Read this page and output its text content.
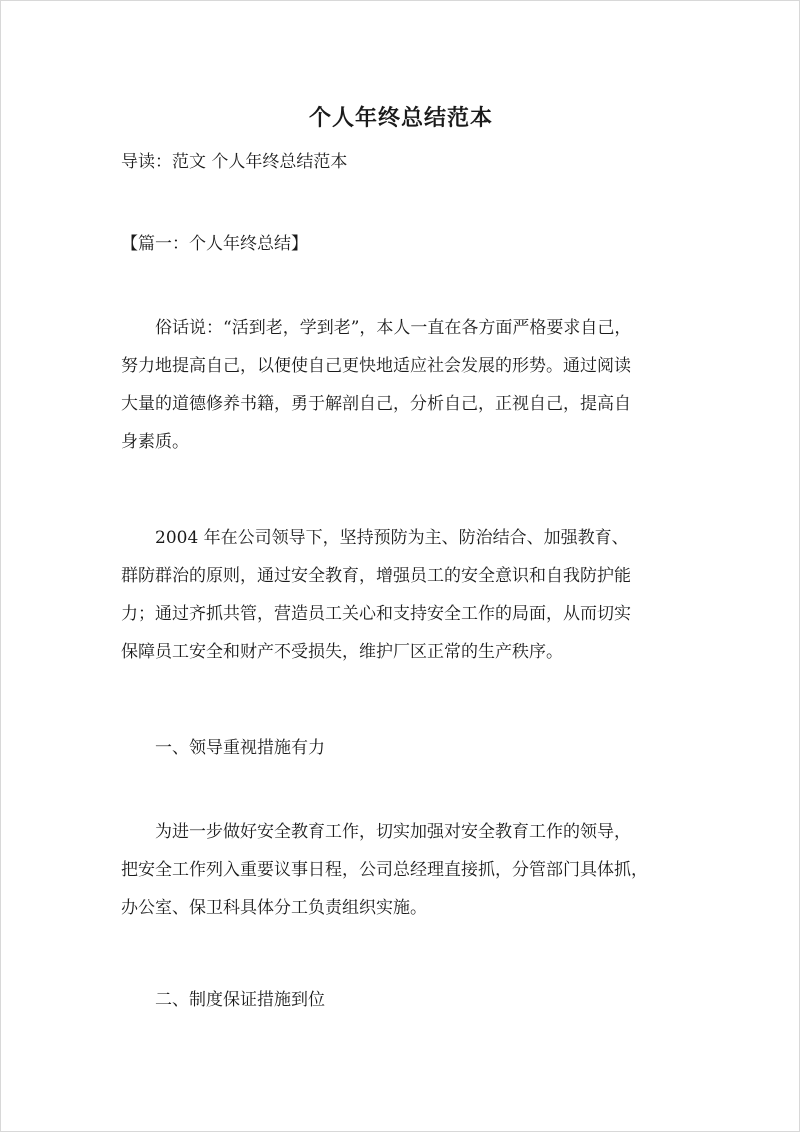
个人年终总结范本

导读：范文 个人年终总结范本

【篇一：个人年终总结】

　　俗话说：“活到老，学到老”，本人一直在各方面严格要求自己，
努力地提高自己，以便使自己更快地适应社会发展的形势。通过阅读
大量的道德修养书籍，勇于解剖自己，分析自己，正视自己，提高自
身素质。
　　2004 年在公司领导下，坚持预防为主、防治结合、加强教育、
群防群治的原则，通过安全教育，增强员工的安全意识和自我防护能
力；通过齐抓共管，营造员工关心和支持安全工作的局面，从而切实
保障员工安全和财产不受损失，维护厂区正常的生产秩序。

　　一、领导重视措施有力

　　为进一步做好安全教育工作，切实加强对安全教育工作的领导，
把安全工作列入重要议事日程，公司总经理直接抓，分管部门具体抓，
办公室、保卫科具体分工负责组织实施。

　　二、制度保证措施到位
